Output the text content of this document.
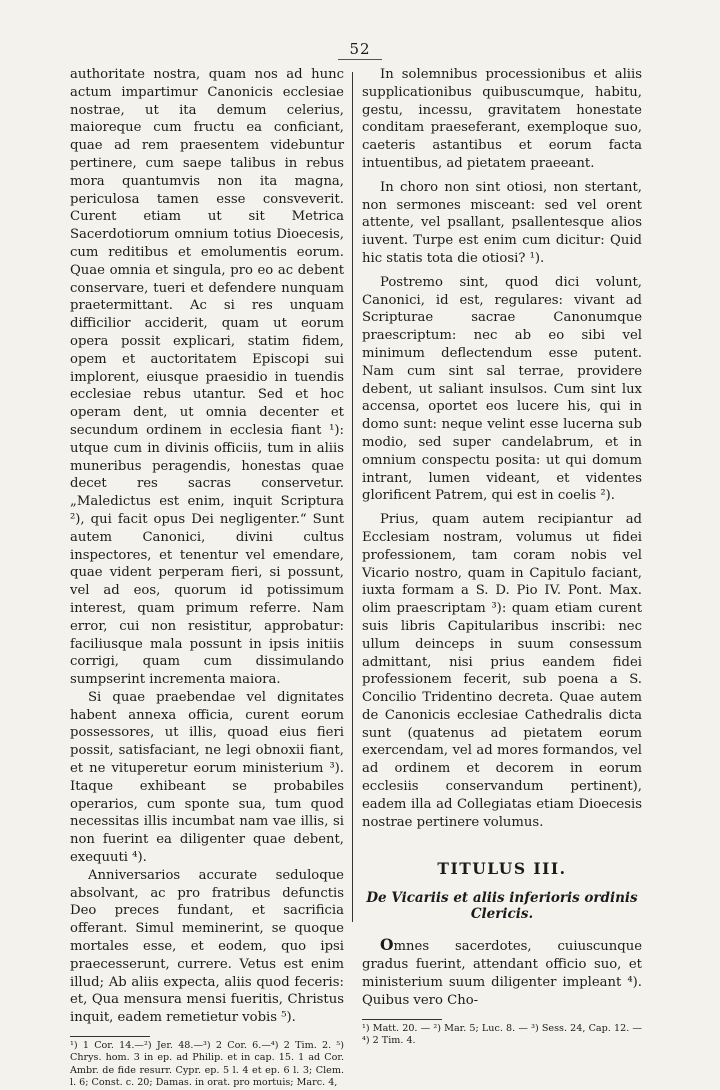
52

authoritate nostra, quam nos ad hunc actum impartimur Canonicis ecclesiae nostrae, ut ita demum celerius, maioreque cum fructu ea conficiant, quae ad rem praesentem videbuntur pertinere, cum saepe talibus in rebus mora quantumvis non ita magna, periculosa tamen esse consveverit. Curent etiam ut sit Metrica Sacerdotiorum omnium totius Dioecesis, cum reditibus et emolumentis eorum. Quae omnia et singula, pro eo ac debent conservare, tueri et defendere nunquam praetermittant. Ac si res unquam difficilior acciderit, quam ut eorum opera possit explicari, statim fidem, opem et auctoritatem Episcopi sui implorent, eiusque praesidio in tuendis ecclesiae rebus utantur. Sed et hoc operam dent, ut omnia decenter et secundum ordinem in ecclesia fiant ¹): utque cum in divinis officiis, tum in aliis muneribus peragendis, honestas quae decet res sacras conservetur. „Maledictus est enim, inquit Scriptura ²), qui facit opus Dei negligenter.“ Sunt autem Canonici, divini cultus inspectores, et tenentur vel emendare, quae vident perperam fieri, si possunt, vel ad eos, quorum id potissimum interest, quam primum referre. Nam error, cui non resistitur, approbatur: faciliusque mala possunt in ipsis initiis corrigi, quam cum dissimulando sumpserint incrementa maiora.

Si quae praebendae vel dignitates habent annexa officia, curent eorum possessores, ut illis, quoad eius fieri possit, satisfaciant, ne legi obnoxii fiant, et ne vituperetur eorum ministerium ³). Itaque exhibeant se probabiles operarios, cum sponte sua, tum quod necessitas illis incumbat nam vae illis, si non fuerint ea diligenter quae debent, exequuti ⁴).

Anniversarios accurate seduloque absolvant, ac pro fratribus defunctis Deo preces fundant, et sacrificia offerant. Simul meminerint, se quoque mortales esse, et eodem, quo ipsi praecesserunt, currere. Vetus est enim illud; Ab aliis expecta, aliis quod feceris: et, Qua mensura mensi fueritis, Christus inquit, eadem remetietur vobis ⁵).

¹) 1 Cor. 14.—²) Jer. 48.—³) 2 Cor. 6.—⁴) 2 Tim. 2. ⁵) Chrys. hom. 3 in ep. ad Philip. et in cap. 15. 1 ad Cor. Ambr. de fide resurr. Cypr. ep. 5 l. 4 et ep. 6 l. 3; Clem. l. 6; Const. c. 20; Damas. in orat. pro mortuis; Marc. 4,

In solemnibus processionibus et aliis supplicationibus quibuscumque, habitu, gestu, incessu, gravitatem honestate conditam praeseferant, exemploque suo, caeteris astantibus et eorum facta intuentibus, ad pietatem praeeant.

In choro non sint otiosi, non stertant, non sermones misceant: sed vel orent attente, vel psallant, psallentesque alios iuvent. Turpe est enim cum dicitur: Quid hic statis tota die otiosi? ¹).

Postremo sint, quod dici volunt, Canonici, id est, regulares: vivant ad Scripturae sacrae Canonumque praescriptum: nec ab eo sibi vel minimum deflectendum esse putent. Nam cum sint sal terrae, providere debent, ut saliant insulsos. Cum sint lux accensa, oportet eos lucere his, qui in domo sunt: neque velint esse lucerna sub modio, sed super candelabrum, et in omnium conspectu posita: ut qui domum intrant, lumen videant, et videntes glorificent Patrem, qui est in coelis ²).

Prius, quam autem recipiantur ad Ecclesiam nostram, volumus ut fidei professionem, tam coram nobis vel Vicario nostro, quam in Capitulo faciant, iuxta formam a S. D. Pio IV. Pont. Max. olim praescriptam ³): quam etiam curent suis libris Capitularibus inscribi: nec ullum deinceps in suum consessum admittant, nisi prius eandem fidei professionem fecerit, sub poena a S. Concilio Tridentino decreta. Quae autem de Canonicis ecclesiae Cathedralis dicta sunt (quatenus ad pietatem eorum exercendam, vel ad mores formandos, vel ad ordinem et decorem in eorum ecclesiis conservandum pertinent), eadem illa ad Collegiatas etiam Dioecesis nostrae pertinere volumus.

TITULUS III.
De Vicariis et aliis inferioris ordinis Clericis.

Omnes sacerdotes, cuiuscunque gradus fuerint, attendant officio suo, et ministerium suum diligenter impleant ⁴). Quibus vero Cho-

¹) Matt. 20. — ²) Mar. 5; Luc. 8. — ³) Sess. 24, Cap. 12. — ⁴) 2 Tim. 4.
